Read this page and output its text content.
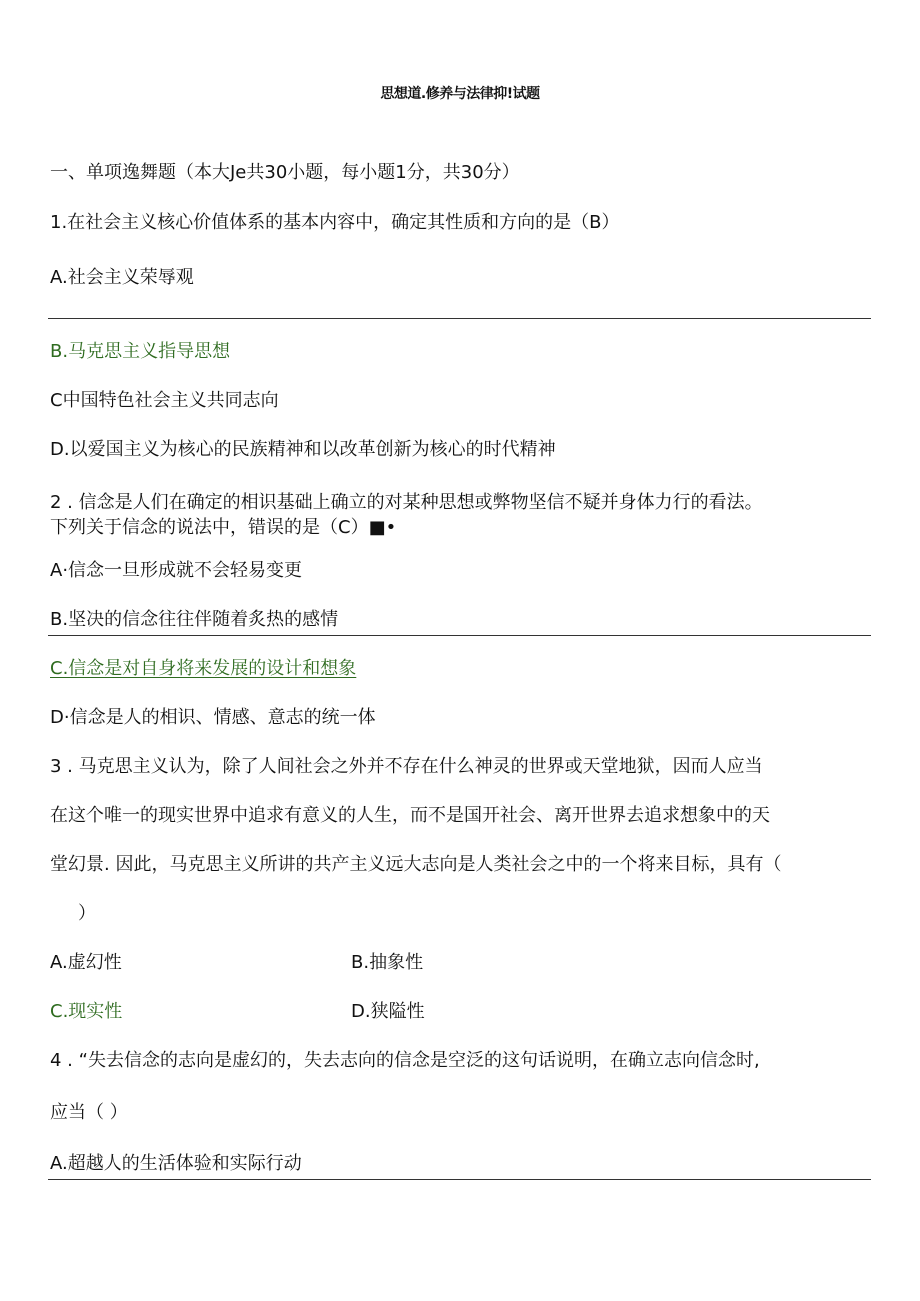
思想道.修养与法律抑!试题
一、单项逸舞题（本大Je共30小题，每小题1分，共30分）
1.在社会主义核心价值体系的基本内容中，确定其性质和方向的是（B）
A.社会主义荣辱观
B.马克思主义指导思想
C中国特色社会主义共同志向
D.以爱国主义为核心的民族精神和以改革创新为核心的时代精神
2 . 信念是人们在确定的相识基础上确立的对某种思想或弊物坚信不疑并身体力行的看法。
下列关于信念的说法中，错误的是（C）■•
A·信念一旦形成就不会轻易变更
B.坚决的信念往往伴随着炙热的感情
C.信念是对自身将来发展的设计和想象
D·信念是人的相识、情感、意志的统一体
3 . 马克思主义认为，除了人间社会之外并不存在什么神灵的世界或天堂地狱，因而人应当
在这个唯一的现实世界中追求有意义的人生，而不是国开社会、离开世界去追求想象中的天
堂幻景. 因此，马克思主义所讲的共产主义远大志向是人类社会之中的一个将来目标，具有（
）
A.虚幻性	B.抽象性
C.现实性	D.狭隘性
4 . “失去信念的志向是虚幻的，失去志向的信念是空泛的这句话说明，在确立志向信念时,
应当（ ）
A.超越人的生活体验和实际行动
